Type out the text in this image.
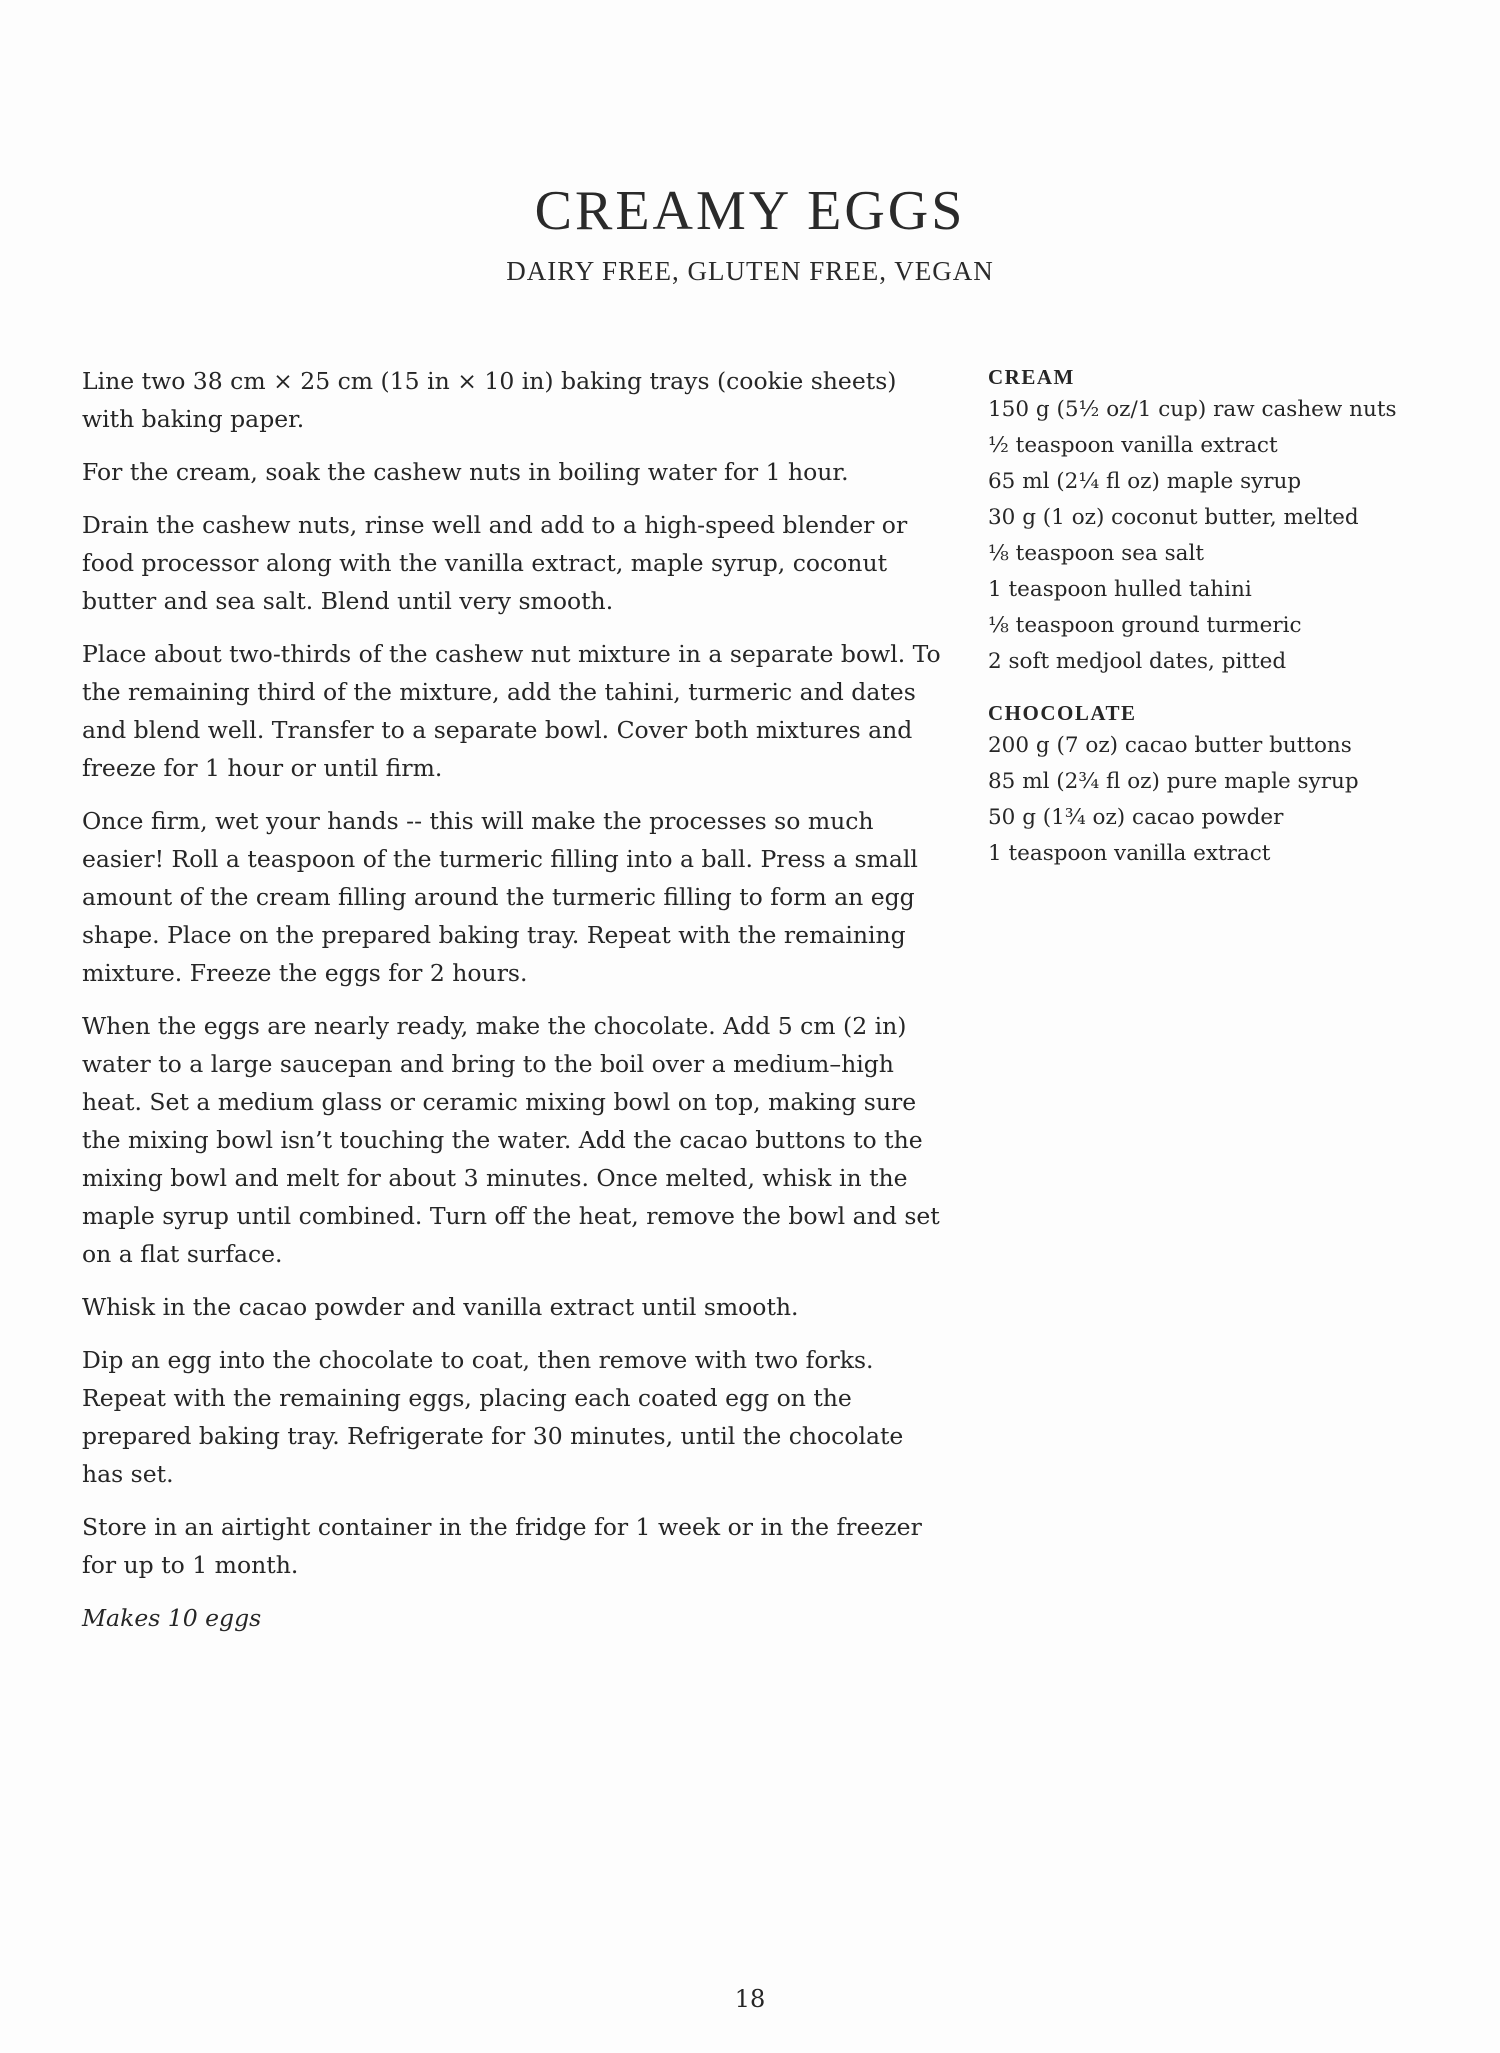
CREAMY EGGS
DAIRY FREE, GLUTEN FREE, VEGAN

Line two 38 cm × 25 cm (15 in × 10 in) baking trays (cookie sheets) with baking paper.

For the cream, soak the cashew nuts in boiling water for 1 hour.

Drain the cashew nuts, rinse well and add to a high-speed blender or food processor along with the vanilla extract, maple syrup, coconut butter and sea salt. Blend until very smooth.

Place about two-thirds of the cashew nut mixture in a separate bowl. To the remaining third of the mixture, add the tahini, turmeric and dates and blend well. Transfer to a separate bowl. Cover both mixtures and freeze for 1 hour or until firm.

Once firm, wet your hands -- this will make the processes so much easier! Roll a teaspoon of the turmeric filling into a ball. Press a small amount of the cream filling around the turmeric filling to form an egg shape. Place on the prepared baking tray. Repeat with the remaining mixture. Freeze the eggs for 2 hours.

When the eggs are nearly ready, make the chocolate. Add 5 cm (2 in) water to a large saucepan and bring to the boil over a medium–high heat. Set a medium glass or ceramic mixing bowl on top, making sure the mixing bowl isn’t touching the water. Add the cacao buttons to the mixing bowl and melt for about 3 minutes. Once melted, whisk in the maple syrup until combined. Turn off the heat, remove the bowl and set on a flat surface.

Whisk in the cacao powder and vanilla extract until smooth.

Dip an egg into the chocolate to coat, then remove with two forks. Repeat with the remaining eggs, placing each coated egg on the prepared baking tray. Refrigerate for 30 minutes, until the chocolate has set.

Store in an airtight container in the fridge for 1 week or in the freezer for up to 1 month.

Makes 10 eggs

CREAM
150 g (5½ oz/1 cup) raw cashew nuts
½ teaspoon vanilla extract
65 ml (2¼ fl oz) maple syrup
30 g (1 oz) coconut butter, melted
⅛ teaspoon sea salt
1 teaspoon hulled tahini
⅛ teaspoon ground turmeric
2 soft medjool dates, pitted
CHOCOLATE
200 g (7 oz) cacao butter buttons
85 ml (2¾ fl oz) pure maple syrup
50 g (1¾ oz) cacao powder
1 teaspoon vanilla extract
18
